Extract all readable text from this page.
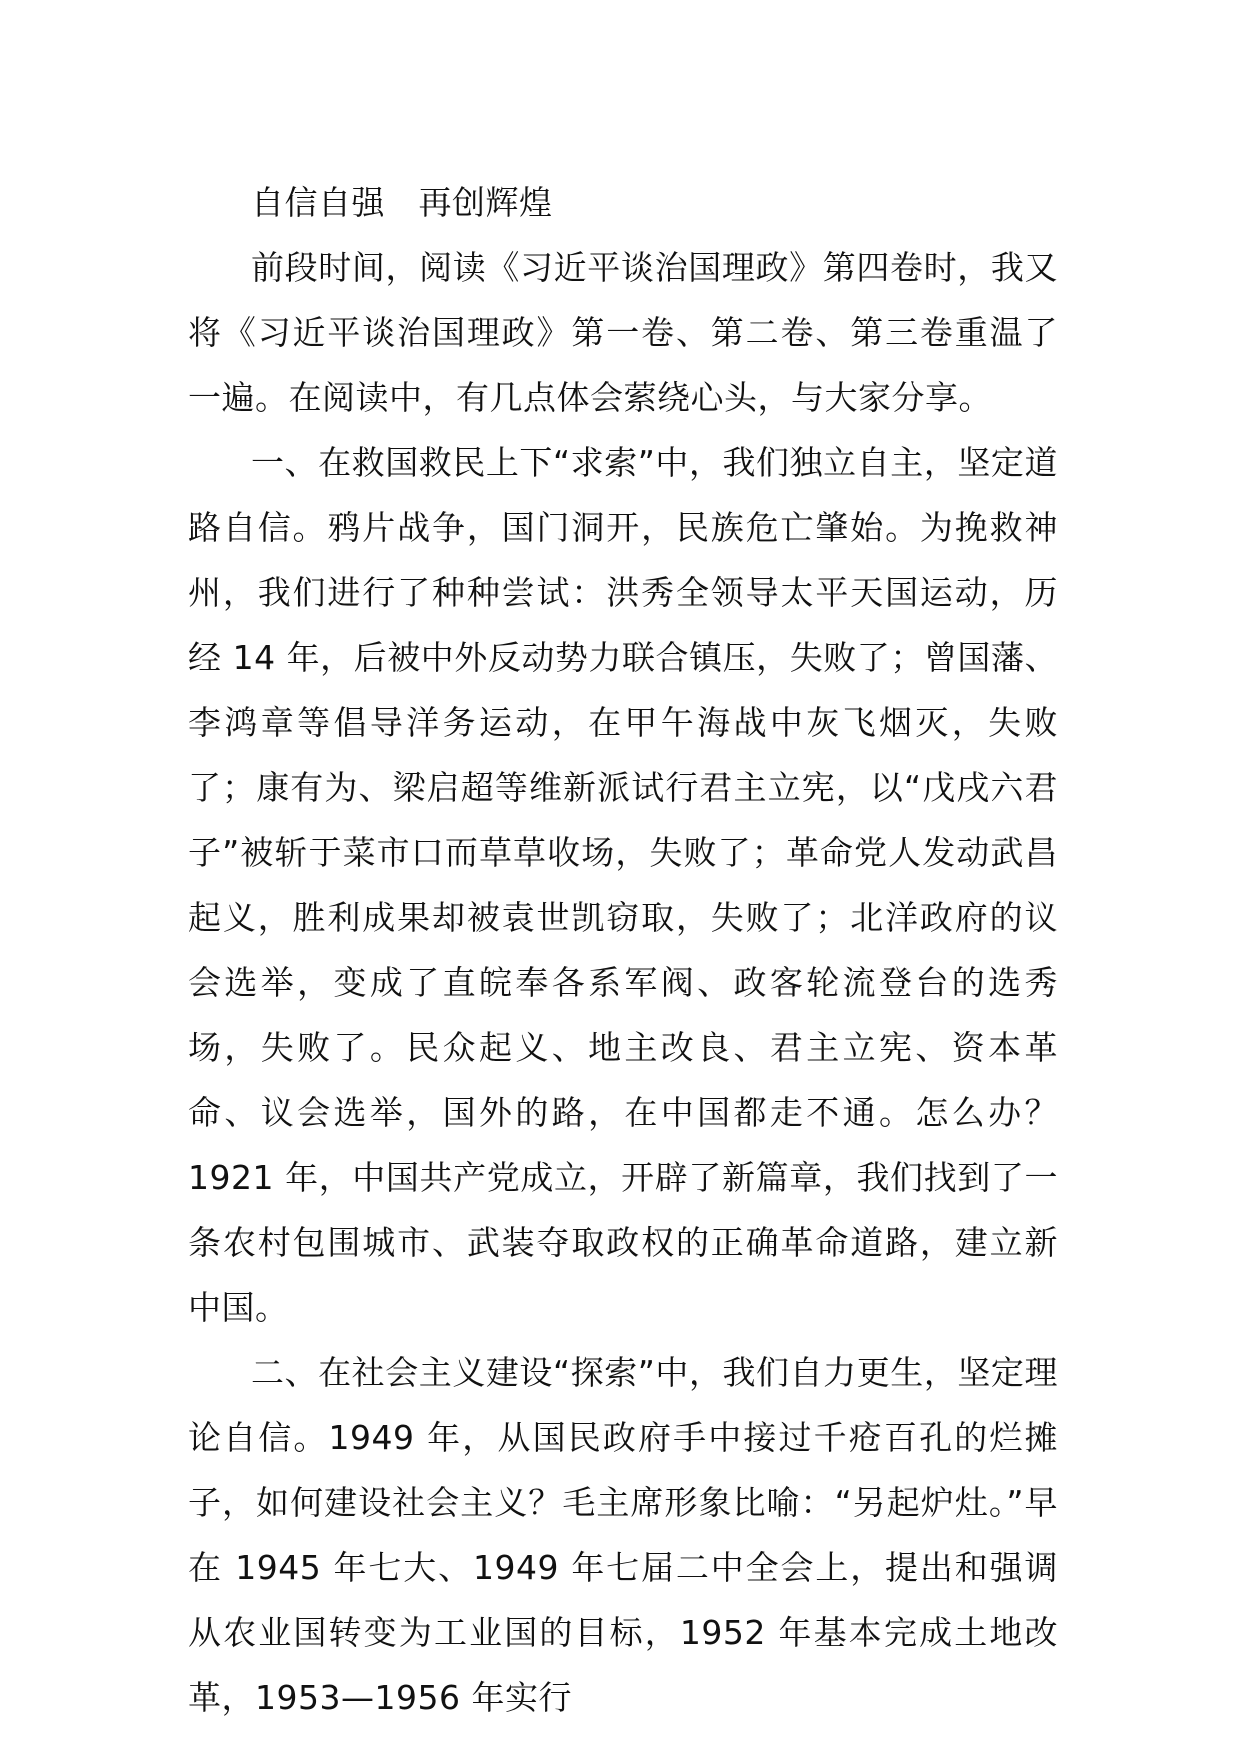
自信自强　再创辉煌

前段时间，阅读《习近平谈治国理政》第四卷时，我又将《习近平谈治国理政》第一卷、第二卷、第三卷重温了一遍。在阅读中，有几点体会萦绕心头，与大家分享。

一、在救国救民上下“求索”中，我们独立自主，坚定道路自信。鸦片战争，国门洞开，民族危亡肇始。为挽救神州，我们进行了种种尝试：洪秀全领导太平天国运动，历经 14 年，后被中外反动势力联合镇压，失败了；曾国藩、李鸿章等倡导洋务运动，在甲午海战中灰飞烟灭，失败了；康有为、梁启超等维新派试行君主立宪，以“戊戌六君子”被斩于菜市口而草草收场，失败了；革命党人发动武昌起义，胜利成果却被袁世凯窃取，失败了；北洋政府的议会选举，变成了直皖奉各系军阀、政客轮流登台的选秀场，失败了。民众起义、地主改良、君主立宪、资本革命、议会选举，国外的路，在中国都走不通。怎么办？1921 年，中国共产党成立，开辟了新篇章，我们找到了一条农村包围城市、武装夺取政权的正确革命道路，建立新中国。

二、在社会主义建设“探索”中，我们自力更生，坚定理论自信。1949 年，从国民政府手中接过千疮百孔的烂摊子，如何建设社会主义？毛主席形象比喻：“另起炉灶。”早在 1945 年七大、1949 年七届二中全会上，提出和强调从农业国转变为工业国的目标，1952 年基本完成土地改革，1953—1956 年实行
